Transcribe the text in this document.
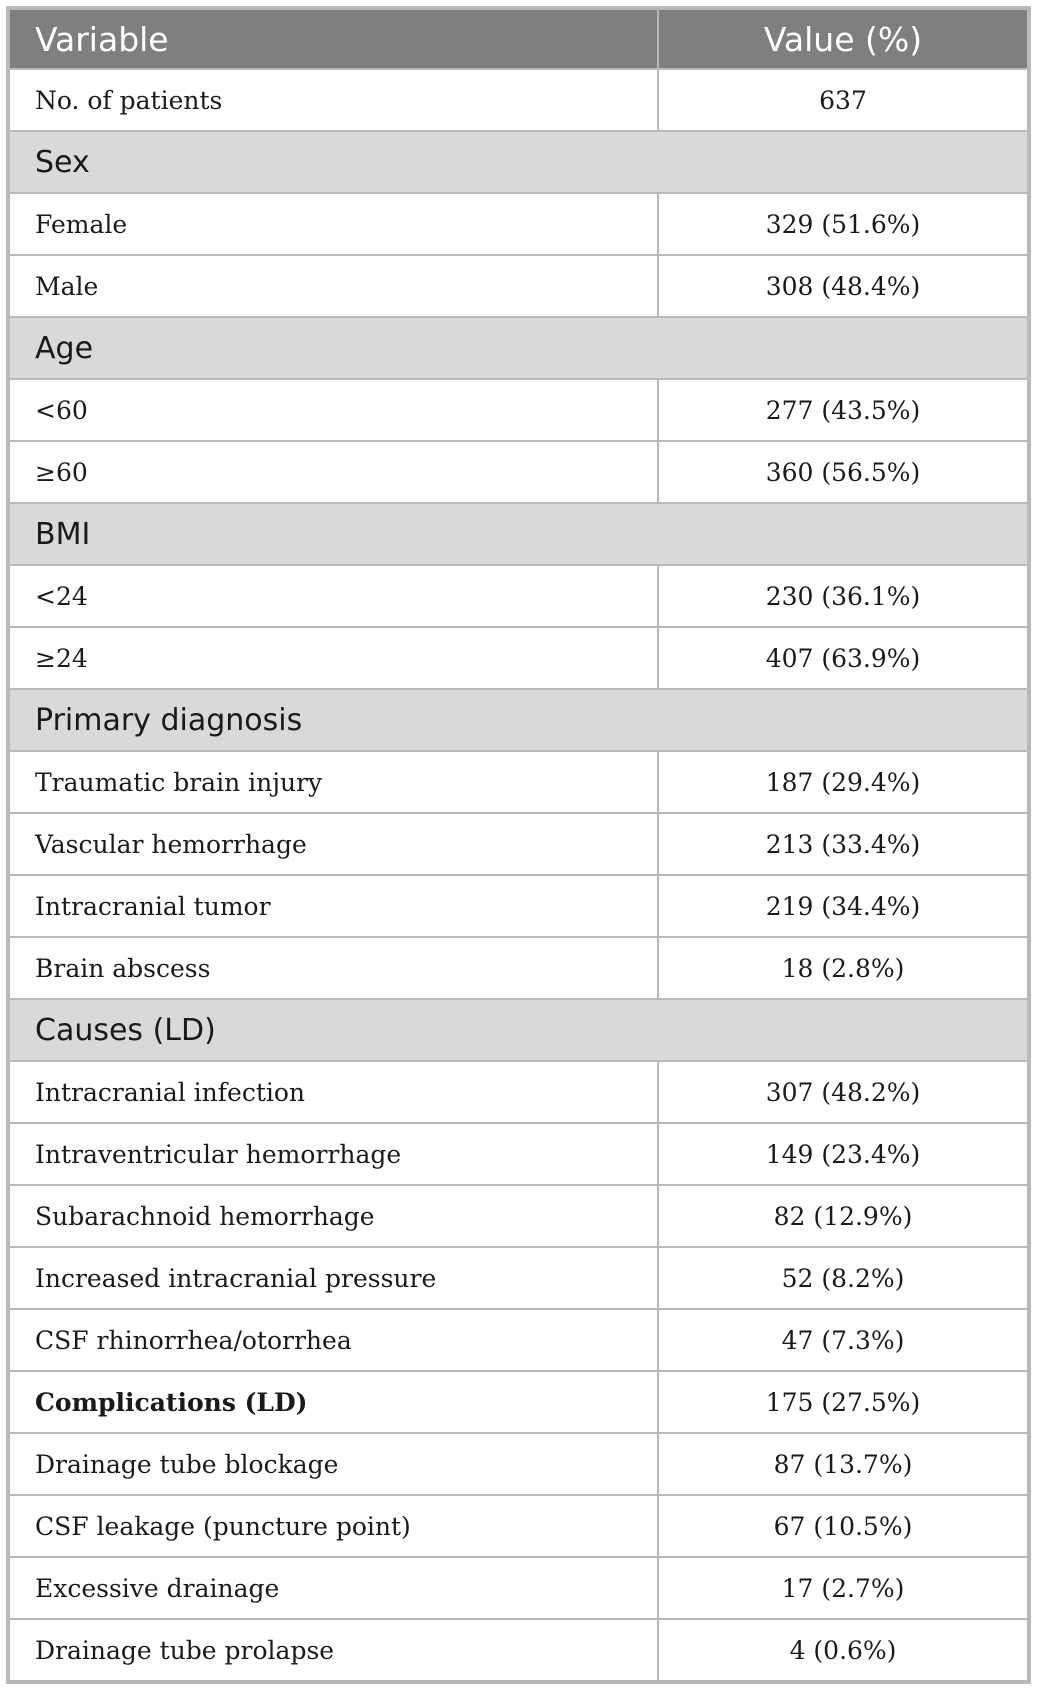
Variable	Value (%)
No. of patients	637
Sex	
Female	329 (51.6%)
Male	308 (48.4%)
Age	
<60	277 (43.5%)
≥60	360 (56.5%)
BMI	
<24	230 (36.1%)
≥24	407 (63.9%)
Primary diagnosis	
Traumatic brain injury	187 (29.4%)
Vascular hemorrhage	213 (33.4%)
Intracranial tumor	219 (34.4%)
Brain abscess	18 (2.8%)
Causes (LD)	
Intracranial infection	307 (48.2%)
Intraventricular hemorrhage	149 (23.4%)
Subarachnoid hemorrhage	82 (12.9%)
Increased intracranial pressure	52 (8.2%)
CSF rhinorrhea/otorrhea	47 (7.3%)
Complications (LD)	175 (27.5%)
Drainage tube blockage	87 (13.7%)
CSF leakage (puncture point)	67 (10.5%)
Excessive drainage	17 (2.7%)
Drainage tube prolapse	4 (0.6%)
